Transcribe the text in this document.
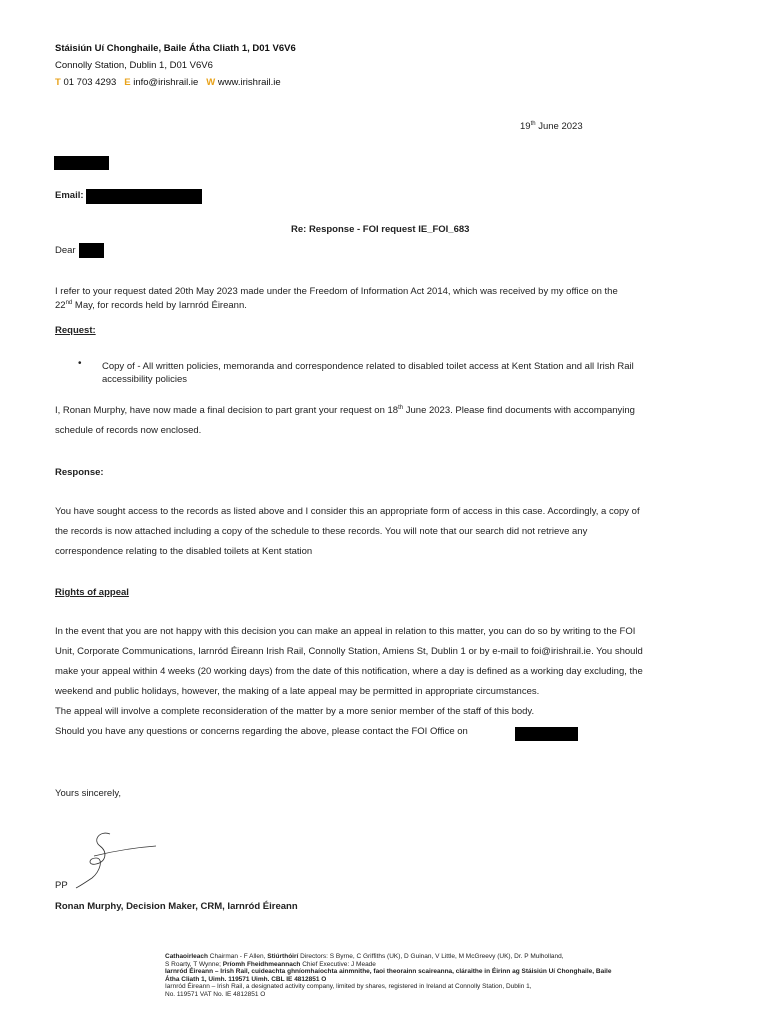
Stáisiún Uí Chonghaile, Baile Átha Cliath 1, D01 V6V6
Connolly Station, Dublin 1, D01 V6V6
T 01 703 4293 E info@irishrail.ie W www.irishrail.ie
19th June 2023
Email:
Re: Response - FOI request IE_FOI_683
Dear
I refer to your request dated 20th May 2023 made under the Freedom of Information Act 2014, which was received by my office on the
22nd May, for records held by Iarnród Éireann.
Request:
• Copy of - All written policies, memoranda and correspondence related to disabled toilet access at Kent Station and all Irish Rail
accessibility policies
I, Ronan Murphy, have now made a final decision to part grant your request on 18th June 2023. Please find documents with accompanying
schedule of records now enclosed.
Response:
You have sought access to the records as listed above and I consider this an appropriate form of access in this case. Accordingly, a copy of
the records is now attached including a copy of the schedule to these records. You will note that our search did not retrieve any
correspondence relating to the disabled toilets at Kent station
Rights of appeal
In the event that you are not happy with this decision you can make an appeal in relation to this matter, you can do so by writing to the FOI
Unit, Corporate Communications, Iarnród Éireann Irish Rail, Connolly Station, Amiens St, Dublin 1 or by e-mail to foi@irishrail.ie. You should
make your appeal within 4 weeks (20 working days) from the date of this notification, where a day is defined as a working day excluding, the
weekend and public holidays, however, the making of a late appeal may be permitted in appropriate circumstances.
The appeal will involve a complete reconsideration of the matter by a more senior member of the staff of this body.
Should you have any questions or concerns regarding the above, please contact the FOI Office on
Yours sincerely,
PP
Ronan Murphy, Decision Maker, CRM, Iarnród Éireann
Cathaoirleach Chairman - F Allen, Stiúrthóirí Directors: S Byrne, C Griffiths (UK), D Guinan, V Little, M McGreevy (UK), Dr. P Mulholland,
S Roarty, T Wynne; Príomh Fheidhmeannach Chief Executive: J Meade
Iarnród Éireann – Irish Rail, cuideachta ghníomhaíochta ainmnithe, faoi theorainn scaireanna, cláraithe in Éirinn ag Stáisiún Uí Chonghaile, Baile
Átha Cliath 1, Uimh. 119571 Uimh. CBL IE 4812851 O
Iarnród Éireann – Irish Rail, a designated activity company, limited by shares, registered in Ireland at Connolly Station, Dublin 1,
No. 119571 VAT No. IE 4812851 O
